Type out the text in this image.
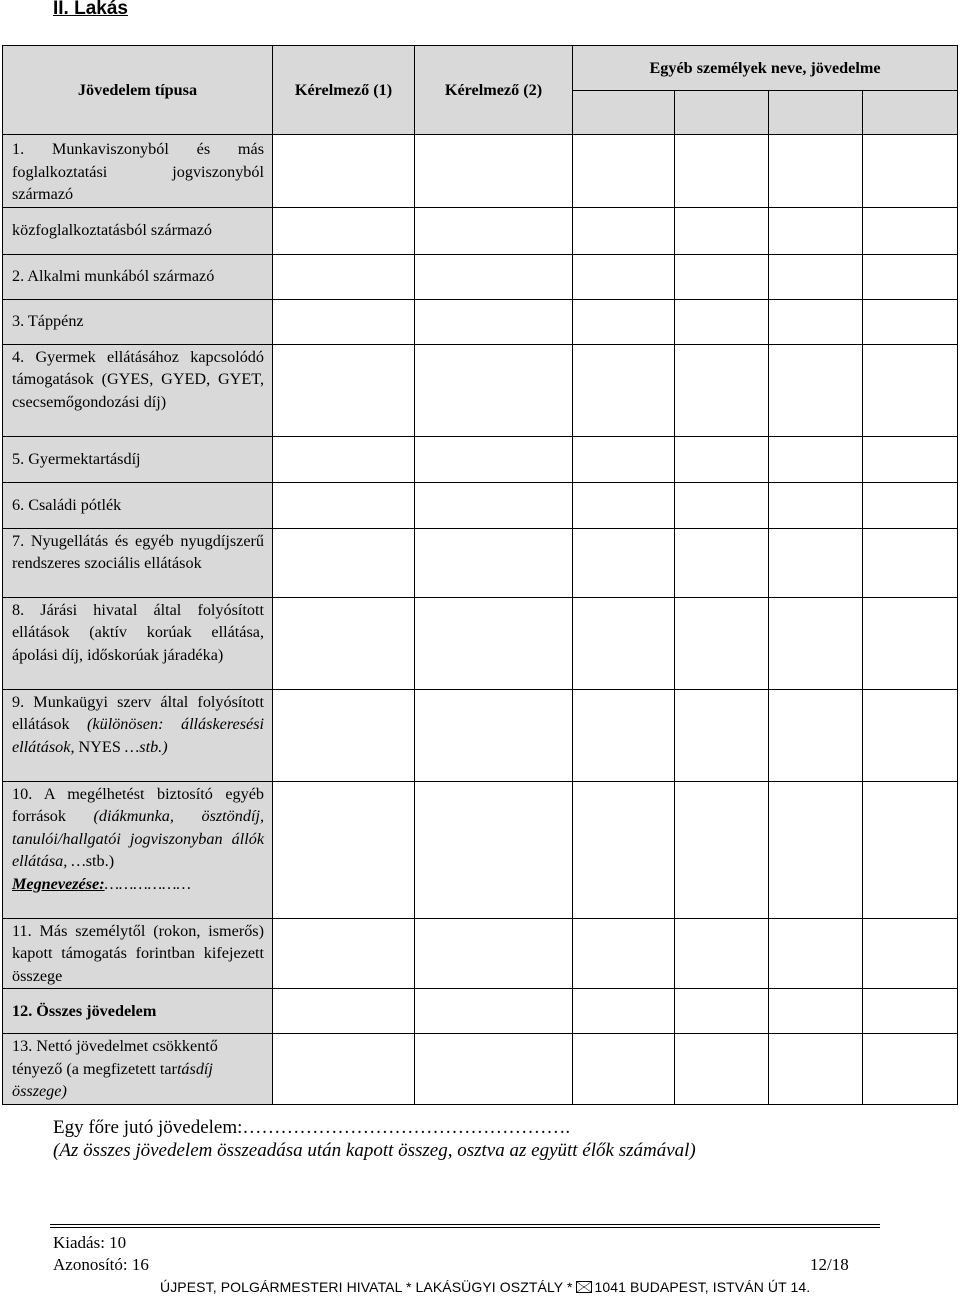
II. Lakás
Jövedelem típusa	Kérelmező (1)	Kérelmező (2)	Egyéb személyek neve, jövedelme			

1. Munkaviszonyból és más foglalkoztatási jogviszonyból származó						
közfoglalkoztatásból származó						
2. Alkalmi munkából származó						
3. Táppénz						
4. Gyermek ellátásához kapcsolódó támogatások (GYES, GYED, GYET, csecsemőgondozási díj)						
5. Gyermektartásdíj						
6. Családi pótlék						
7. Nyugellátás és egyéb nyugdíjszerű rendszeres szociális ellátások						
8. Járási hivatal által folyósított ellátások (aktív korúak ellátása, ápolási díj, időskorúak járadéka)						
9. Munkaügyi szerv által folyósított ellátások (különösen: álláskeresési ellátások, NYES …stb.)						
10. A megélhetést biztosító egyéb források (diákmunka, ösztöndíj, tanulói/hallgatói jogviszonyban állók ellátása, …stb.)
Megnevezése:………………						
11. Más személytől (rokon, ismerős) kapott támogatás forintban kifejezett összege						
12. Összes jövedelem						
13. Nettó jövedelmet csökkentő tényező (a megfizetett tartásdíj összege)						
Egy főre jutó jövedelem:…………………………………………….
(Az összes jövedelem összeadása után kapott összeg, osztva az együtt élők számával)
Kiadás: 10
Azonosító: 16	12/18
ÚJPEST, POLGÁRMESTERI HIVATAL * LAKÁSÜGYI OSZTÁLY * 1041 BUDAPEST, ISTVÁN ÚT 14.
